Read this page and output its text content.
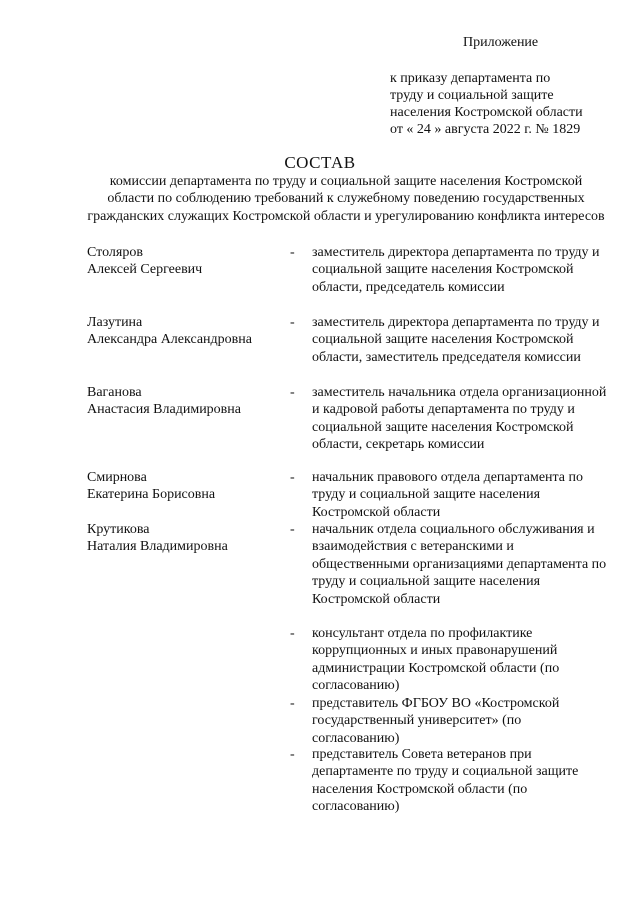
Приложение
к приказу департамента по
труду и социальной защите
населения Костромской области
от « 24 » августа 2022 г. № 1829
СОСТАВ
комиссии департамента по труду и социальной защите населения Костромской области по соблюдению требований к служебному поведению государственных гражданских служащих Костромской области и урегулированию конфликта интересов
Столяров
Алексей Сергеевич
- заместитель директора департамента по труду и социальной защите населения Костромской области, председатель комиссии
Лазутина
Александра Александровна
- заместитель директора департамента по труду и социальной защите населения Костромской области, заместитель председателя комиссии
Ваганова
Анастасия Владимировна
- заместитель начальника отдела организационной и кадровой работы департамента по труду и социальной защите населения Костромской области, секретарь комиссии
Смирнова
Екатерина Борисовна
- начальник правового отдела департамента по труду и социальной защите населения Костромской области
Крутикова
Наталия Владимировна
- начальник отдела социального обслуживания и взаимодействия с ветеранскими и общественными организациями департамента по труду и социальной защите населения Костромской области
- консультант отдела по профилактике коррупционных и иных правонарушений администрации Костромской области (по согласованию)
- представитель ФГБОУ ВО «Костромской государственный университет» (по согласованию)
- представитель Совета ветеранов при департаменте по труду и социальной защите населения Костромской области (по согласованию)
